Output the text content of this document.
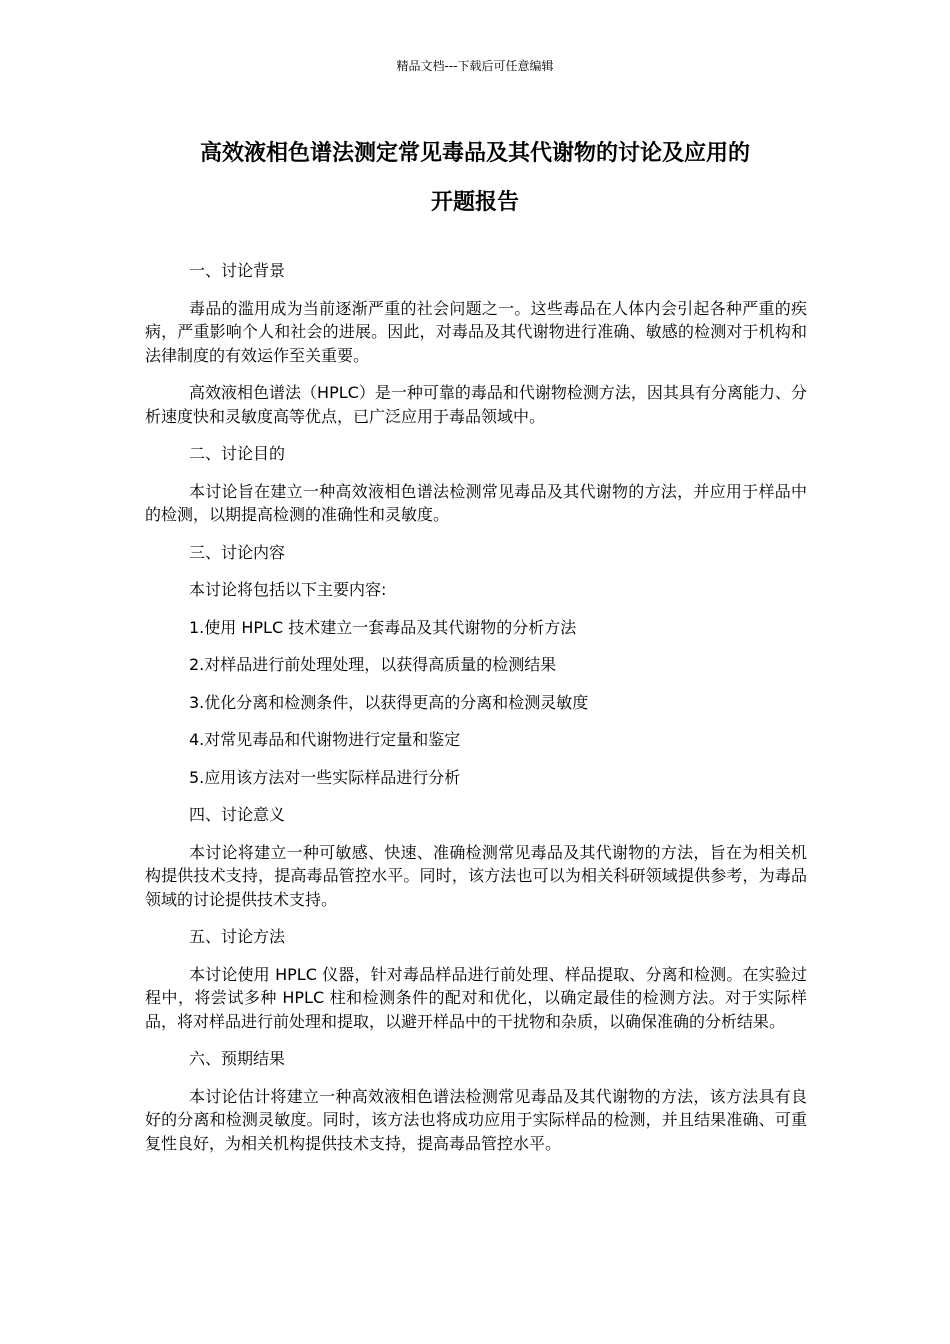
精品文档---下载后可任意编辑
高效液相色谱法测定常见毒品及其代谢物的讨论及应用的
开题报告

一、讨论背景

毒品的滥用成为当前逐渐严重的社会问题之一。这些毒品在人体内会引起各种严重的疾病，严重影响个人和社会的进展。因此，对毒品及其代谢物进行准确、敏感的检测对于机构和法律制度的有效运作至关重要。

高效液相色谱法（HPLC）是一种可靠的毒品和代谢物检测方法，因其具有分离能力、分析速度快和灵敏度高等优点，已广泛应用于毒品领域中。

二、讨论目的

本讨论旨在建立一种高效液相色谱法检测常见毒品及其代谢物的方法，并应用于样品中的检测，以期提高检测的准确性和灵敏度。

三、讨论内容

本讨论将包括以下主要内容:

1.使用 HPLC 技术建立一套毒品及其代谢物的分析方法

2.对样品进行前处理处理，以获得高质量的检测结果

3.优化分离和检测条件，以获得更高的分离和检测灵敏度

4.对常见毒品和代谢物进行定量和鉴定

5.应用该方法对一些实际样品进行分析

四、讨论意义

本讨论将建立一种可敏感、快速、准确检测常见毒品及其代谢物的方法，旨在为相关机构提供技术支持，提高毒品管控水平。同时，该方法也可以为相关科研领域提供参考，为毒品领域的讨论提供技术支持。

五、讨论方法

本讨论使用 HPLC 仪器，针对毒品样品进行前处理、样品提取、分离和检测。在实验过程中，将尝试多种 HPLC 柱和检测条件的配对和优化，以确定最佳的检测方法。对于实际样品，将对样品进行前处理和提取，以避开样品中的干扰物和杂质，以确保准确的分析结果。

六、预期结果

本讨论估计将建立一种高效液相色谱法检测常见毒品及其代谢物的方法，该方法具有良好的分离和检测灵敏度。同时，该方法也将成功应用于实际样品的检测，并且结果准确、可重复性良好，为相关机构提供技术支持，提高毒品管控水平。
